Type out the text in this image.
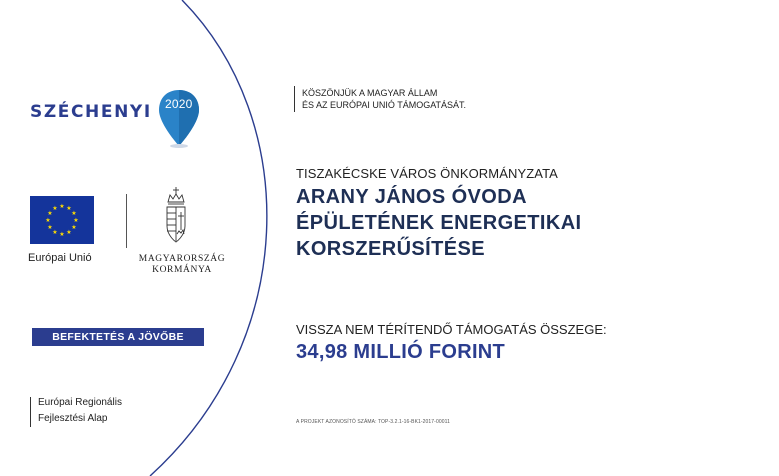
SZÉCHENYI	2020
★ ★
★
★
★
★
★
★
★
★
★
★
Európai Unió	MAGYARORSZÁG
KORMÁNYA
BEFEKTETÉS A JÖVŐBE
Európai Regionális
Fejlesztési Alap
KÖSZÖNJÜK A MAGYAR ÁLLAM
ÉS AZ EURÓPAI UNIÓ TÁMOGATÁSÁT.
TISZAKÉCSKE VÁROS ÖNKORMÁNYZATA
ARANY JÁNOS ÓVODA
ÉPÜLETÉNEK ENERGETIKAI
KORSZERŰSÍTÉSE
VISSZA NEM TÉRÍTENDŐ TÁMOGATÁS ÖSSZEGE:
34,98 MILLIÓ FORINT
A PROJEKT AZONOSÍTÓ SZÁMA: TOP-3.2.1-16-BK1-2017-00011
